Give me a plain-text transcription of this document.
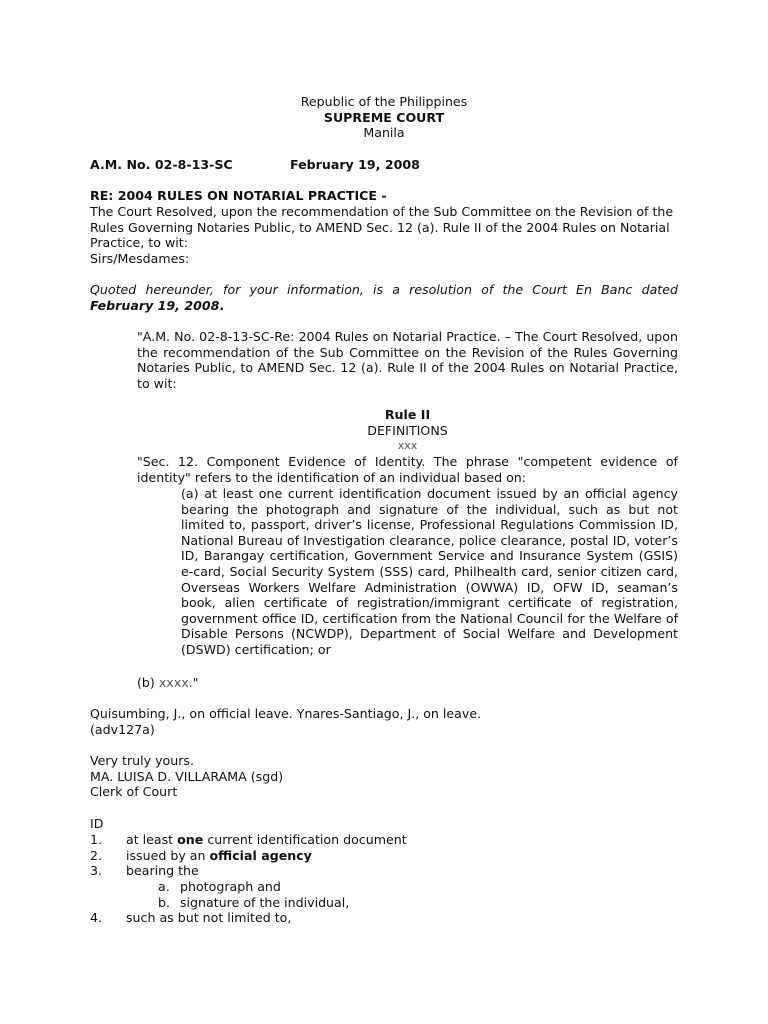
Republic of the Philippines
SUPREME COURT
Manila
A.M. No. 02-8-13-SC	February 19, 2008
RE: 2004 RULES ON NOTARIAL PRACTICE -
The Court Resolved, upon the recommendation of the Sub Committee on the Revision of the Rules Governing Notaries Public, to AMEND Sec. 12 (a). Rule II of the 2004 Rules on Notarial Practice, to wit:
Sirs/Mesdames:
Quoted hereunder, for your information, is a resolution of the Court En Banc dated February 19, 2008.
"A.M. No. 02-8-13-SC-Re: 2004 Rules on Notarial Practice. – The Court Resolved, upon the recommendation of the Sub Committee on the Revision of the Rules Governing Notaries Public, to AMEND Sec. 12 (a). Rule II of the 2004 Rules on Notarial Practice, to wit:
Rule II
DEFINITIONS
xxx
"Sec. 12. Component Evidence of Identity. The phrase "competent evidence of identity" refers to the identification of an individual based on:
(a) at least one current identification document issued by an official agency bearing the photograph and signature of the individual, such as but not limited to, passport, driver’s license, Professional Regulations Commission ID, National Bureau of Investigation clearance, police clearance, postal ID, voter’s ID, Barangay certification, Government Service and Insurance System (GSIS) e-card, Social Security System (SSS) card, Philhealth card, senior citizen card, Overseas Workers Welfare Administration (OWWA) ID, OFW ID, seaman’s book, alien certificate of registration/immigrant certificate of registration, government office ID, certification from the National Council for the Welfare of Disable Persons (NCWDP), Department of Social Welfare and Development (DSWD) certification; or
(b) xxxx."
Quisumbing, J., on official leave. Ynares-Santiago, J., on leave.
(adv127a)
Very truly yours.
MA. LUISA D. VILLARAMA (sgd)
Clerk of Court
ID
1. at least one current identification document
2. issued by an official agency
3. bearing the
a. photograph and
b. signature of the individual,
4. such as but not limited to,
